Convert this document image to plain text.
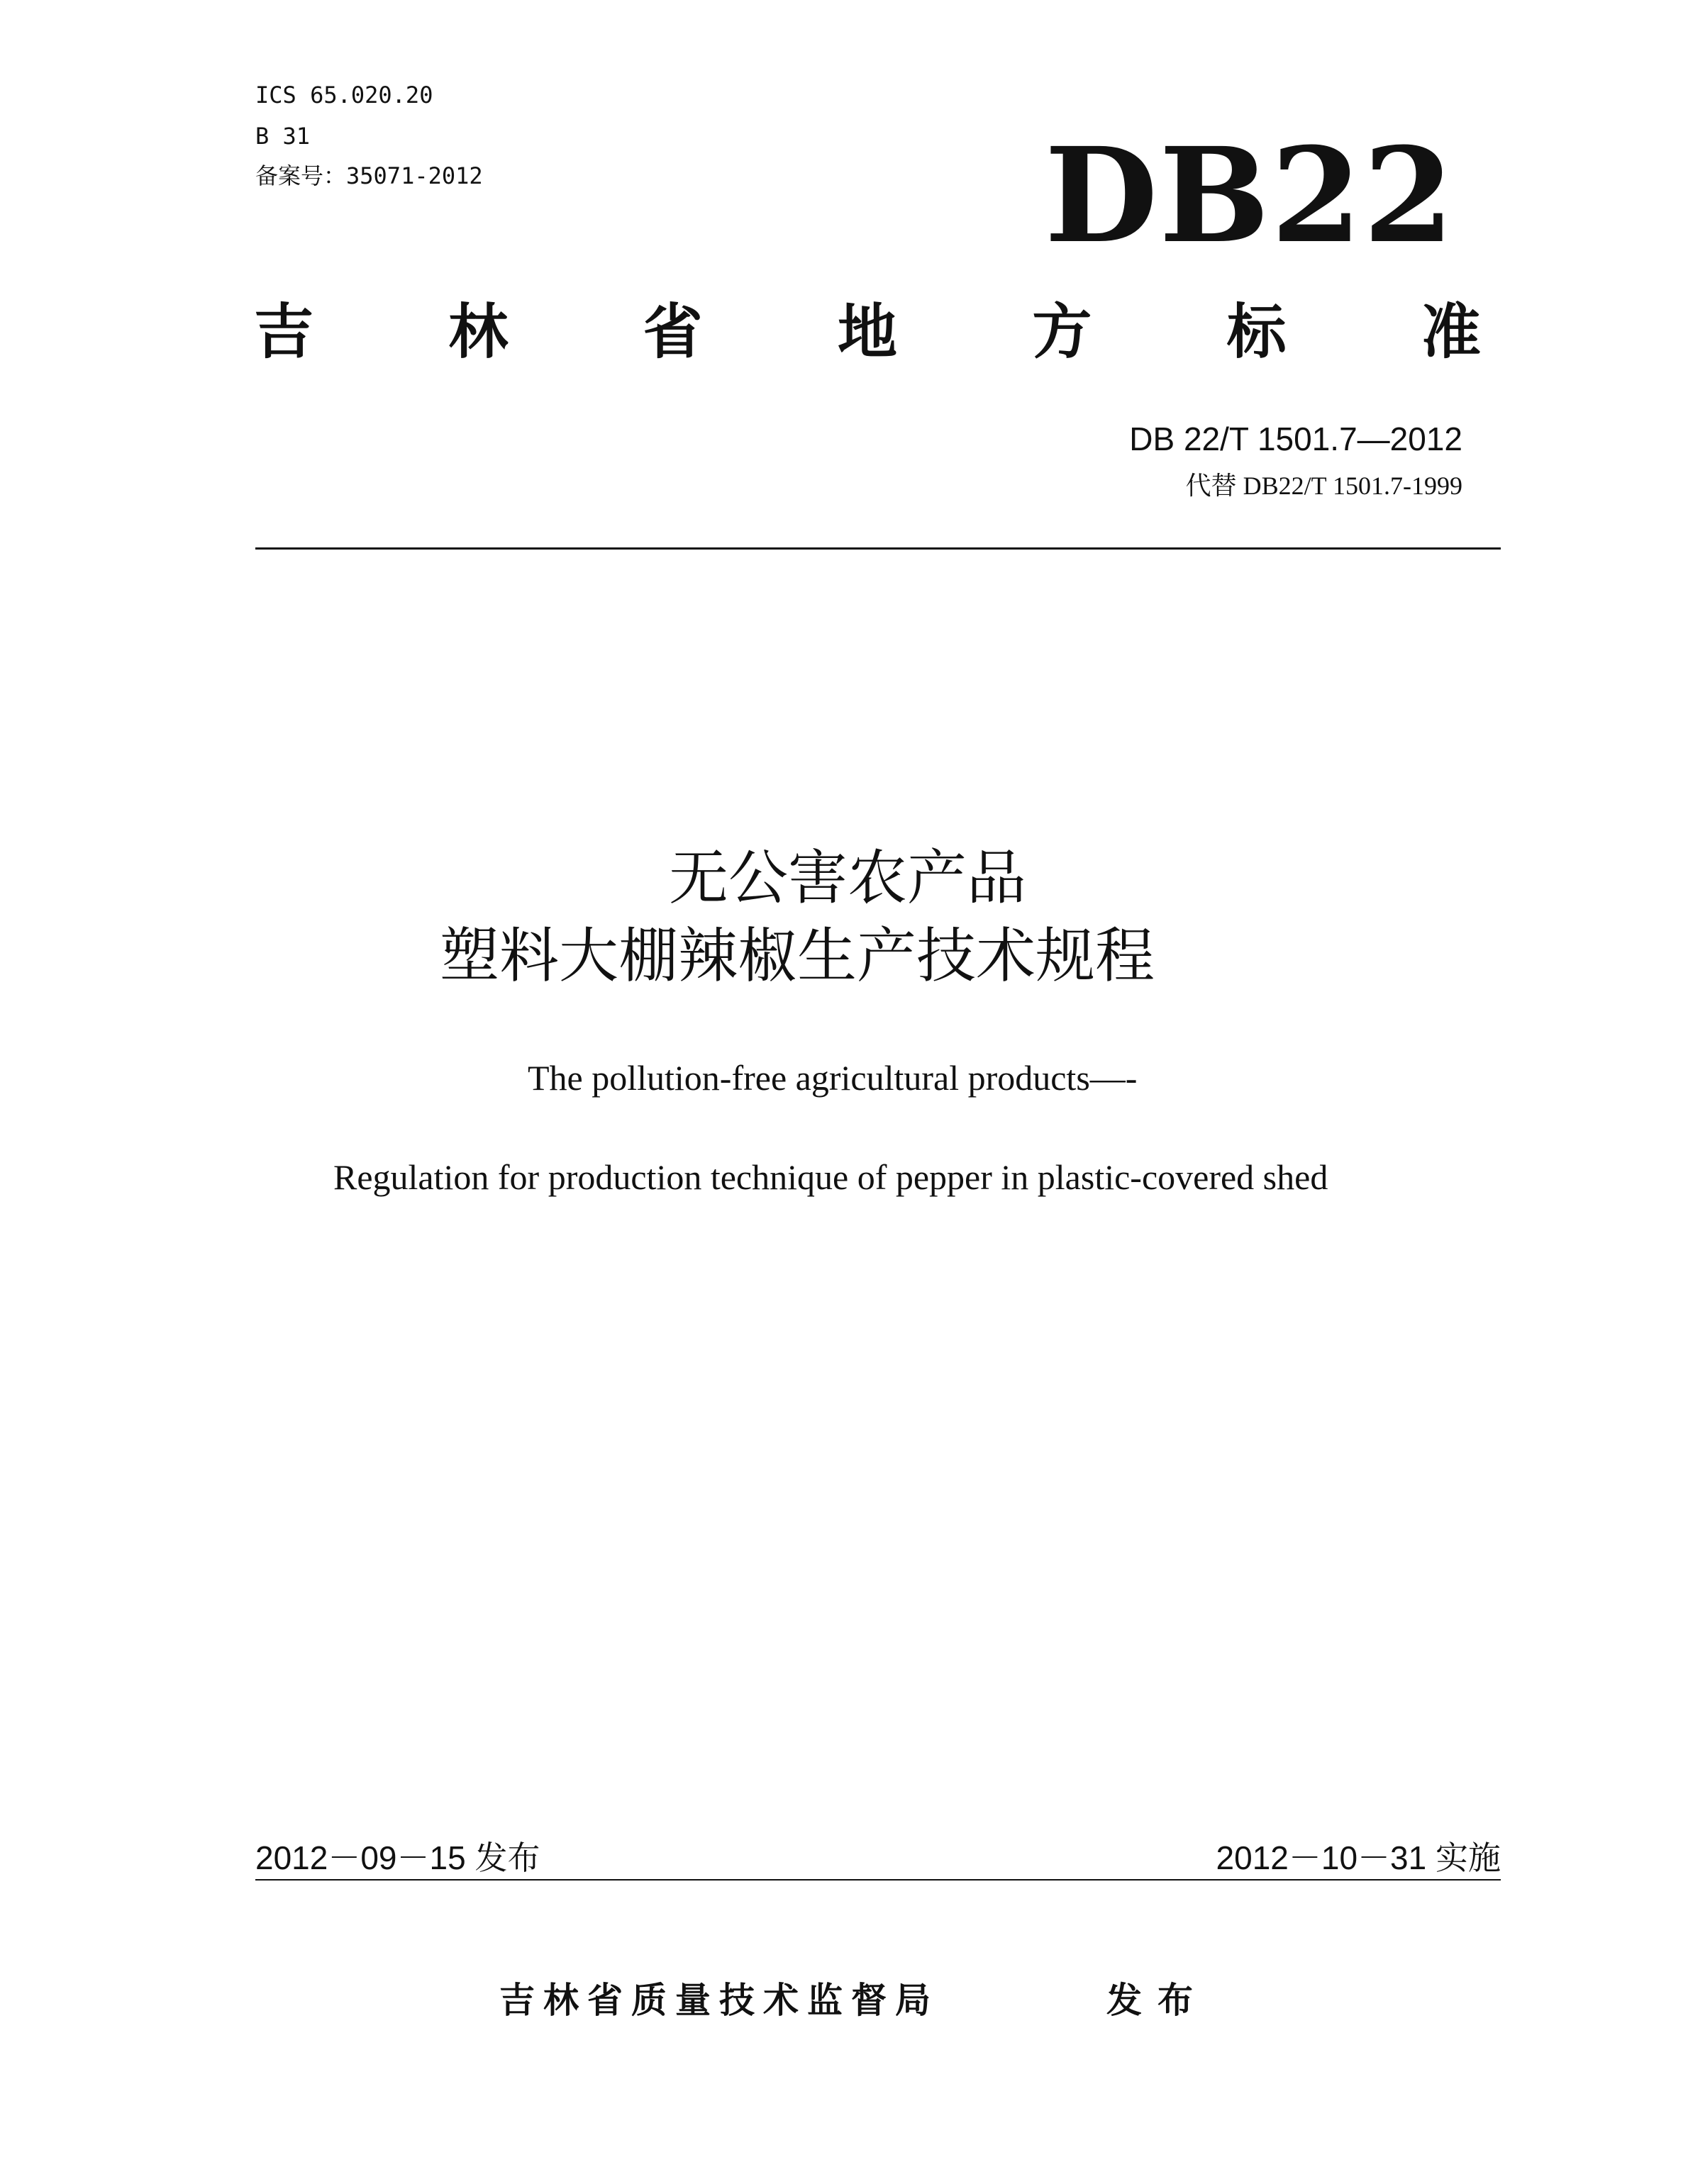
ICS 65.020.20
B 31
备案号：35071-2012	DB22
吉 林 省 地 方 标 准
DB 22/T 1501.7—2012
代替 DB22/T 1501.7-1999
无公害农产品
塑料大棚辣椒生产技术规程
The pollution-free agricultural products—-
Regulation for production technique of pepper in plastic-covered shed
2012－09－15 发布	2012－10－31 实施
吉林省质量技术监督局	发布
